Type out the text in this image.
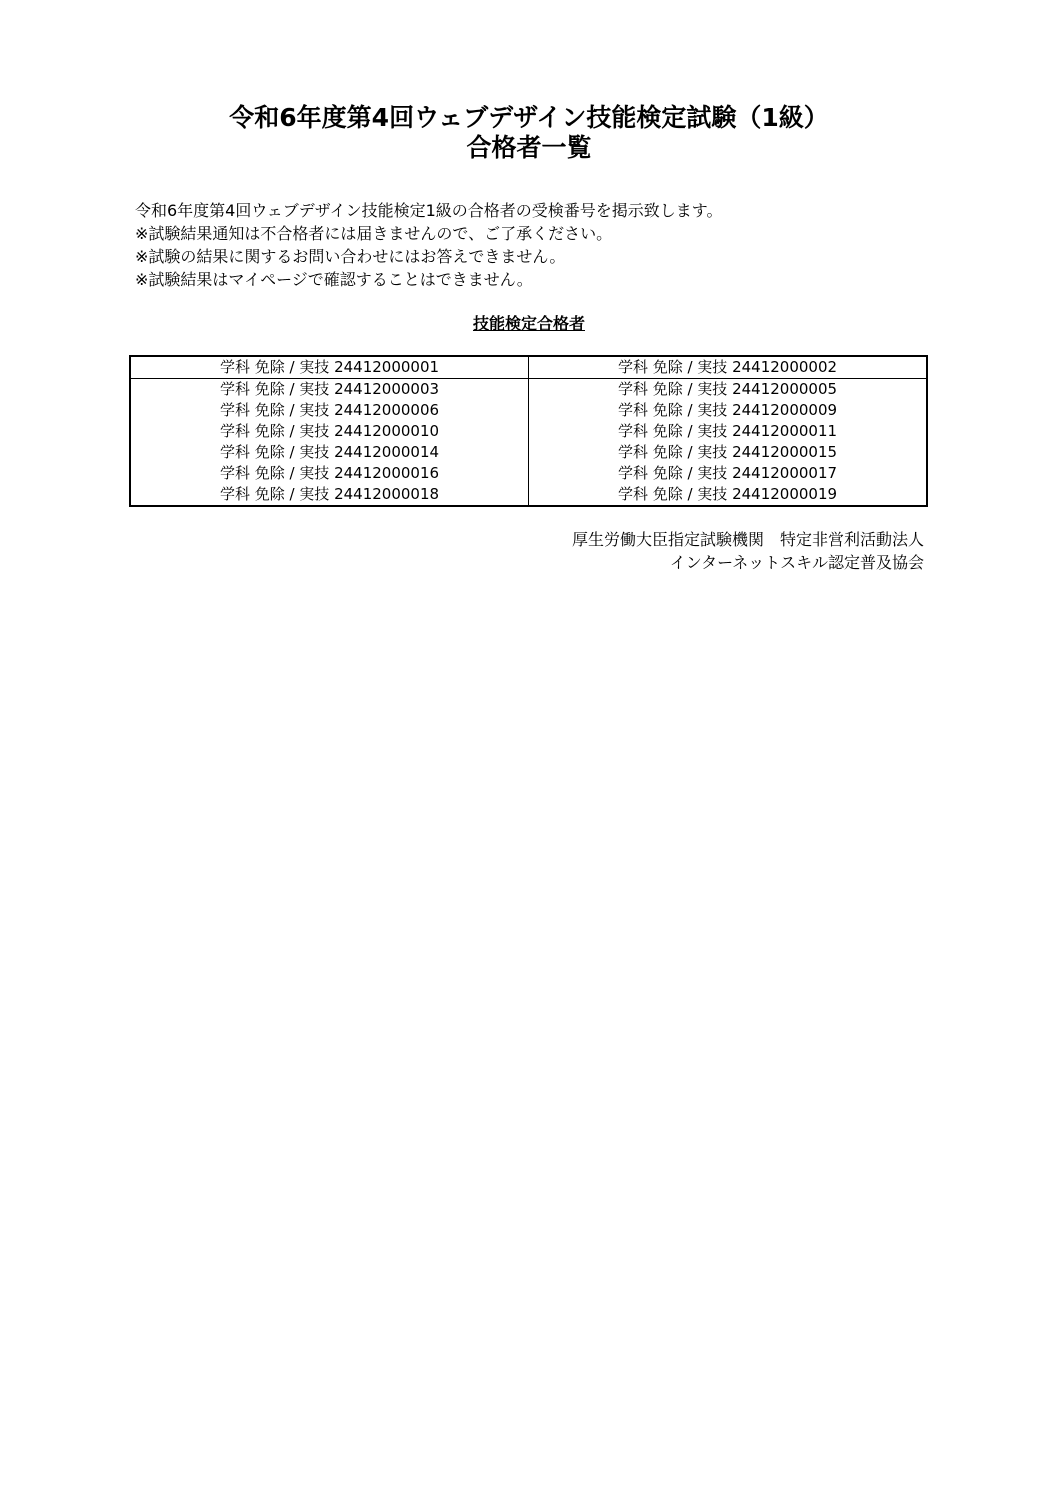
令和6年度第4回ウェブデザイン技能検定試験（1級）
合格者一覧
令和6年度第4回ウェブデザイン技能検定1級の合格者の受検番号を掲示致します。
※試験結果通知は不合格者には届きませんので、ご了承ください。
※試験の結果に関するお問い合わせにはお答えできません。
※試験結果はマイページで確認することはできません。
技能検定合格者
学科 免除 / 実技 24412000001	学科 免除 / 実技 24412000002
学科 免除 / 実技 24412000003	学科 免除 / 実技 24412000005
学科 免除 / 実技 24412000006	学科 免除 / 実技 24412000009
学科 免除 / 実技 24412000010	学科 免除 / 実技 24412000011
学科 免除 / 実技 24412000014	学科 免除 / 実技 24412000015
学科 免除 / 実技 24412000016	学科 免除 / 実技 24412000017
学科 免除 / 実技 24412000018	学科 免除 / 実技 24412000019
厚生労働大臣指定試験機関　特定非営利活動法人
インターネットスキル認定普及協会
